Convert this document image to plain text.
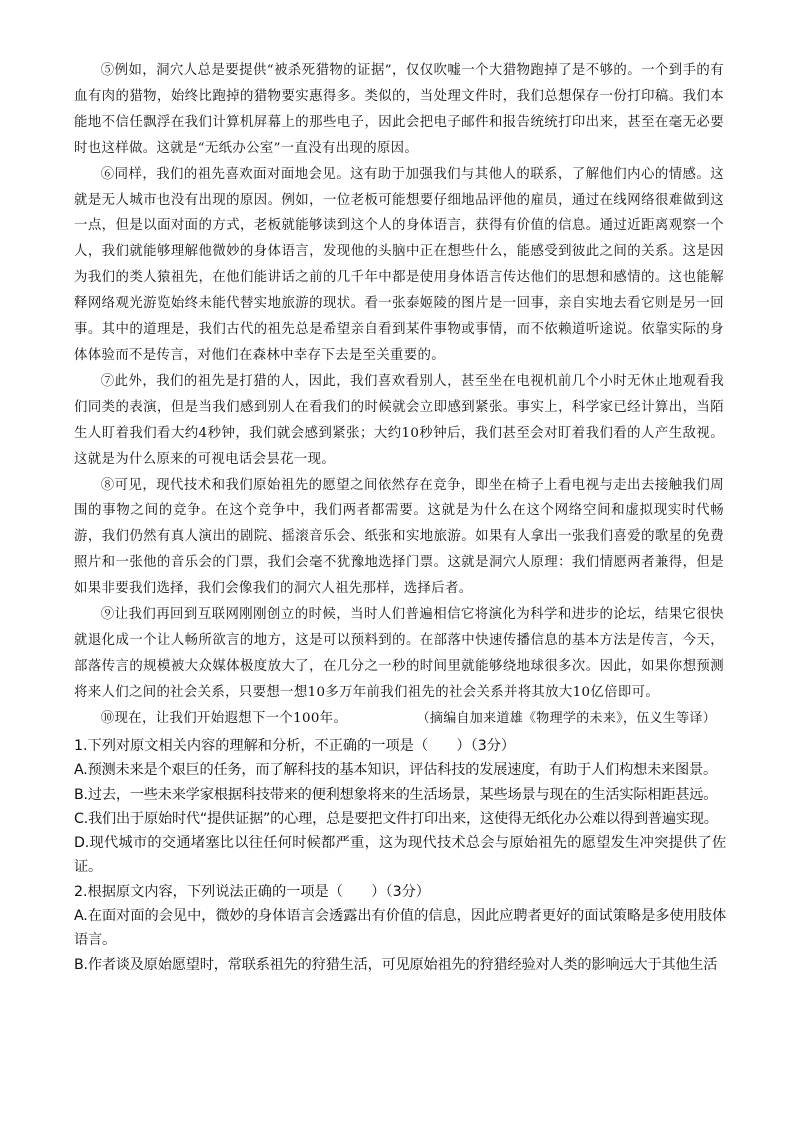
⑤例如，洞穴人总是要提供“被杀死猎物的证据”，仅仅吹嘘一个大猎物跑掉了是不够的。一个到手的有血有肉的猎物，始终比跑掉的猎物要实惠得多。类似的，当处理文件时，我们总想保存一份打印稿。我们本能地不信任飘浮在我们计算机屏幕上的那些电子，因此会把电子邮件和报告统统打印出来，甚至在毫无必要时也这样做。这就是“无纸办公室”一直没有出现的原因。

⑥同样，我们的祖先喜欢面对面地会见。这有助于加强我们与其他人的联系，了解他们内心的情感。这就是无人城市也没有出现的原因。例如，一位老板可能想要仔细地品评他的雇员，通过在线网络很难做到这一点，但是以面对面的方式，老板就能够读到这个人的身体语言，获得有价值的信息。通过近距离观察一个人，我们就能够理解他微妙的身体语言，发现他的头脑中正在想些什么，能感受到彼此之间的关系。这是因为我们的类人猿祖先，在他们能讲话之前的几千年中都是使用身体语言传达他们的思想和感情的。这也能解释网络观光游览始终未能代替实地旅游的现状。看一张泰姬陵的图片是一回事，亲自实地去看它则是另一回事。其中的道理是，我们古代的祖先总是希望亲自看到某件事物或事情，而不依赖道听途说。依靠实际的身体体验而不是传言，对他们在森林中幸存下去是至关重要的。

⑦此外，我们的祖先是打猎的人，因此，我们喜欢看别人，甚至坐在电视机前几个小时无休止地观看我们同类的表演，但是当我们感到别人在看我们的时候就会立即感到紧张。事实上，科学家已经计算出，当陌生人盯着我们看大约4秒钟，我们就会感到紧张；大约10秒钟后，我们甚至会对盯着我们看的人产生敌视。这就是为什么原来的可视电话会昙花一现。

⑧可见，现代技术和我们原始祖先的愿望之间依然存在竞争，即坐在椅子上看电视与走出去接触我们周围的事物之间的竞争。在这个竞争中，我们两者都需要。这就是为什么在这个网络空间和虚拟现实时代畅游，我们仍然有真人演出的剧院、摇滚音乐会、纸张和实地旅游。如果有人拿出一张我们喜爱的歌星的免费照片和一张他的音乐会的门票，我们会毫不犹豫地选择门票。这就是洞穴人原理：我们情愿两者兼得，但是如果非要我们选择，我们会像我们的洞穴人祖先那样，选择后者。

⑨让我们再回到互联网刚刚创立的时候，当时人们普遍相信它将演化为科学和进步的论坛，结果它很快就退化成一个让人畅所欲言的地方，这是可以预料到的。在部落中快速传播信息的基本方法是传言，今天，部落传言的规模被大众媒体极度放大了，在几分之一秒的时间里就能够绕地球很多次。因此，如果你想预测将来人们之间的社会关系，只要想一想10多万年前我们祖先的社会关系并将其放大10亿倍即可。

⑩现在，让我们开始遐想下一个100年。	（摘编自加来道雄《物理学的未来》，伍义生等译）

1.下列对原文相关内容的理解和分析，不正确的一项是（　　）（3分）

A.预测未来是个艰巨的任务，而了解科技的基本知识，评估科技的发展速度，有助于人们构想未来图景。

B.过去，一些未来学家根据科技带来的便利想象将来的生活场景，某些场景与现在的生活实际相距甚远。

C.我们出于原始时代“提供证据”的心理，总是要把文件打印出来，这使得无纸化办公难以得到普遍实现。

D.现代城市的交通堵塞比以往任何时候都严重，这为现代技术总会与原始祖先的愿望发生冲突提供了佐证。

2.根据原文内容，下列说法正确的一项是（　　）（3分）

A.在面对面的会见中，微妙的身体语言会透露出有价值的信息，因此应聘者更好的面试策略是多使用肢体语言。

B.作者谈及原始愿望时，常联系祖先的狩猎生活，可见原始祖先的狩猎经验对人类的影响远大于其他生活
